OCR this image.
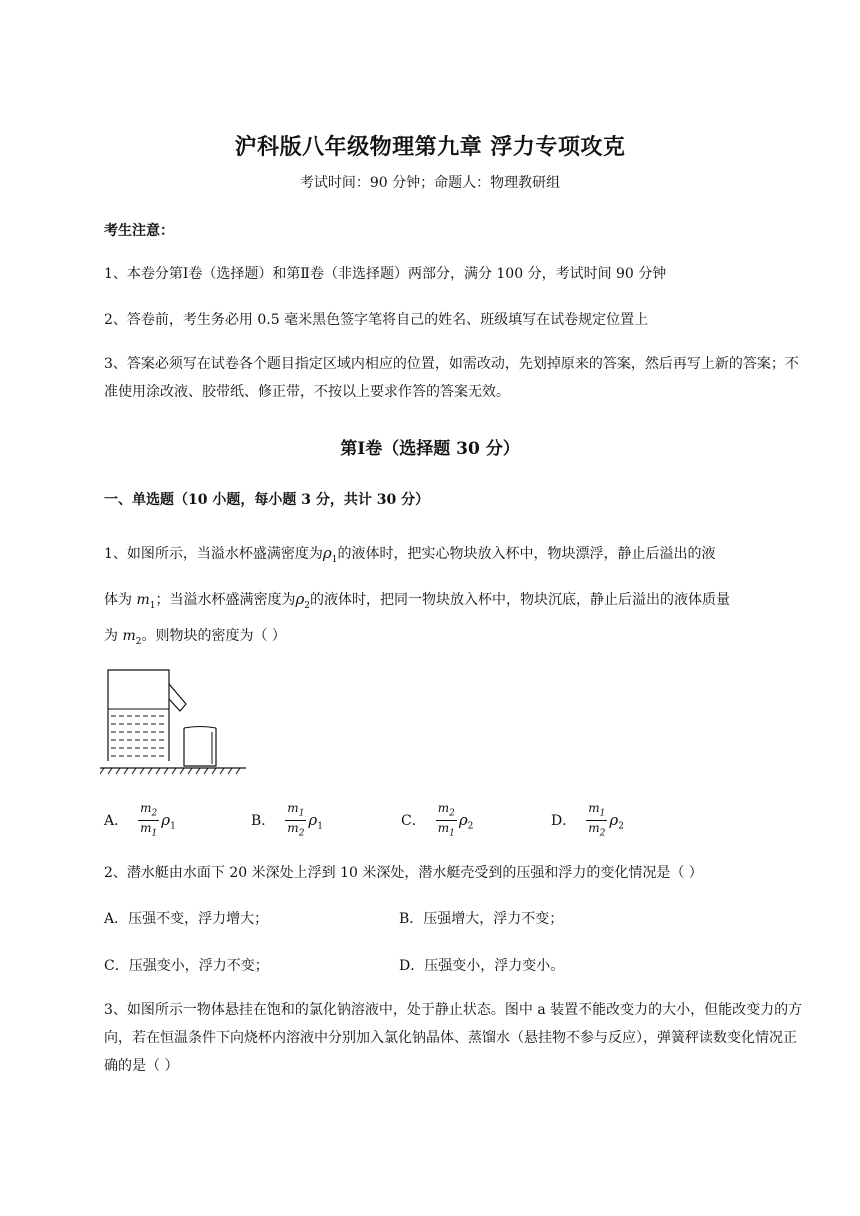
沪科版八年级物理第九章 浮力专项攻克
考试时间：90 分钟；命题人：物理教研组
考生注意：
1、本卷分第Ⅰ卷（选择题）和第Ⅱ卷（非选择题）两部分，满分 100 分，考试时间 90 分钟
2、答卷前，考生务必用 0.5 毫米黑色签字笔将自己的姓名、班级填写在试卷规定位置上
3、答案必须写在试卷各个题目指定区域内相应的位置，如需改动，先划掉原来的答案，然后再写上新的答案；不准使用涂改液、胶带纸、修正带，不按以上要求作答的答案无效。
第Ⅰ卷（选择题 30 分）
一、单选题（10 小题，每小题 3 分，共计 30 分）
1、如图所示，当溢水杯盛满密度为$\rho_1$的液体时，把实心物块放入杯中，物块漂浮，静止后溢出的液
体为 $m_1$；当溢水杯盛满密度为$\rho_2$的液体时，把同一物块放入杯中，物块沉底，静止后溢出的液体质量
为 $m_2$。则物块的密度为（ ）
A． $\frac{m_2}{m_1} \rho_1$	B． $\frac{m_1}{m_2} \rho_1$	C． $\frac{m_2}{m_1} \rho_2$	D． $\frac{m_1}{m_2} \rho_2$
2、潜水艇由水面下 20 米深处上浮到 10 米深处，潜水艇壳受到的压强和浮力的变化情况是（ ）
A．压强不变，浮力增大；	B．压强增大，浮力不变；
C．压强变小，浮力不变；	D．压强变小，浮力变小。
3、如图所示一物体悬挂在饱和的氯化钠溶液中，处于静止状态。图中 a 装置不能改变力的大小，但能改变力的方向，若在恒温条件下向烧杯内溶液中分别加入氯化钠晶体、蒸馏水（悬挂物不参与反应），弹簧秤读数变化情况正确的是（ ）
